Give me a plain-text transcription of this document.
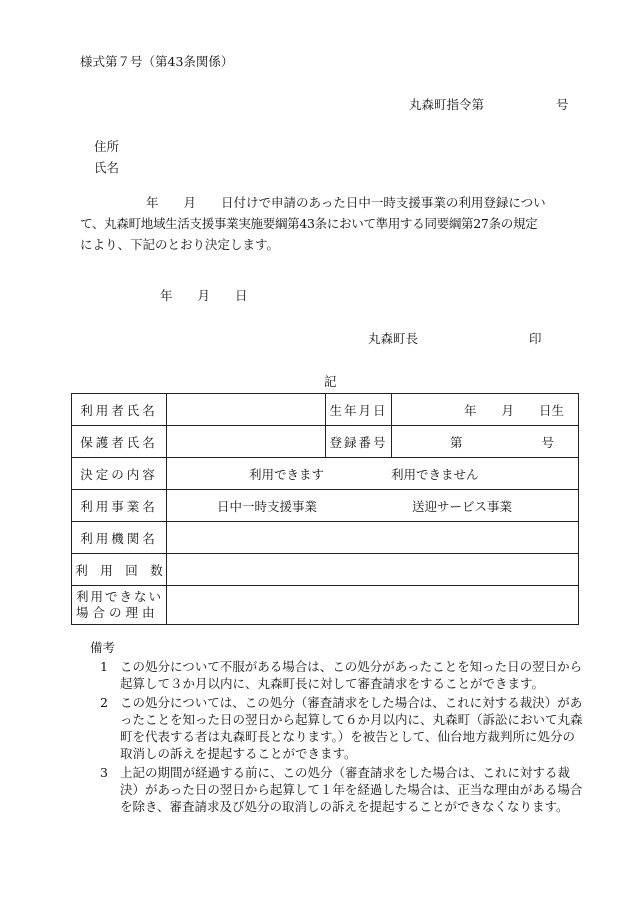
様式第７号（第43条関係）
丸森町指令第	号
住所
氏名
年　　月　　日付けで申請のあった日中一時支援事業の利用登録につい
て、丸森町地域生活支援事業実施要綱第43条において準用する同要綱第27条の規定
により、下記のとおり決定します。
年　　月　　日
丸森町長	印
記
利用者氏名		生年月日	年　　月　　日生
保護者氏名		登録番号	第 号

決定の内容	利用できます 利用できません		

利用事業名	日中一時支援事業 送迎サービス事業		

利用機関名			
利　用　回　数			

利用できない
場合の理由			

備考
1 この処分について不服がある場合は、この処分があったことを知った日の翌日から起算して３か月以内に、丸森町長に対して審査請求をすることができます。
2 この処分については、この処分（審査請求をした場合は、これに対する裁決）があったことを知った日の翌日から起算して６か月以内に、丸森町（訴訟において丸森町を代表する者は丸森町長となります。）を被告として、仙台地方裁判所に処分の取消しの訴えを提起することができます。
3 上記の期間が経過する前に、この処分（審査請求をした場合は、これに対する裁決）があった日の翌日から起算して１年を経過した場合は、正当な理由がある場合を除き、審査請求及び処分の取消しの訴えを提起することができなくなります。
